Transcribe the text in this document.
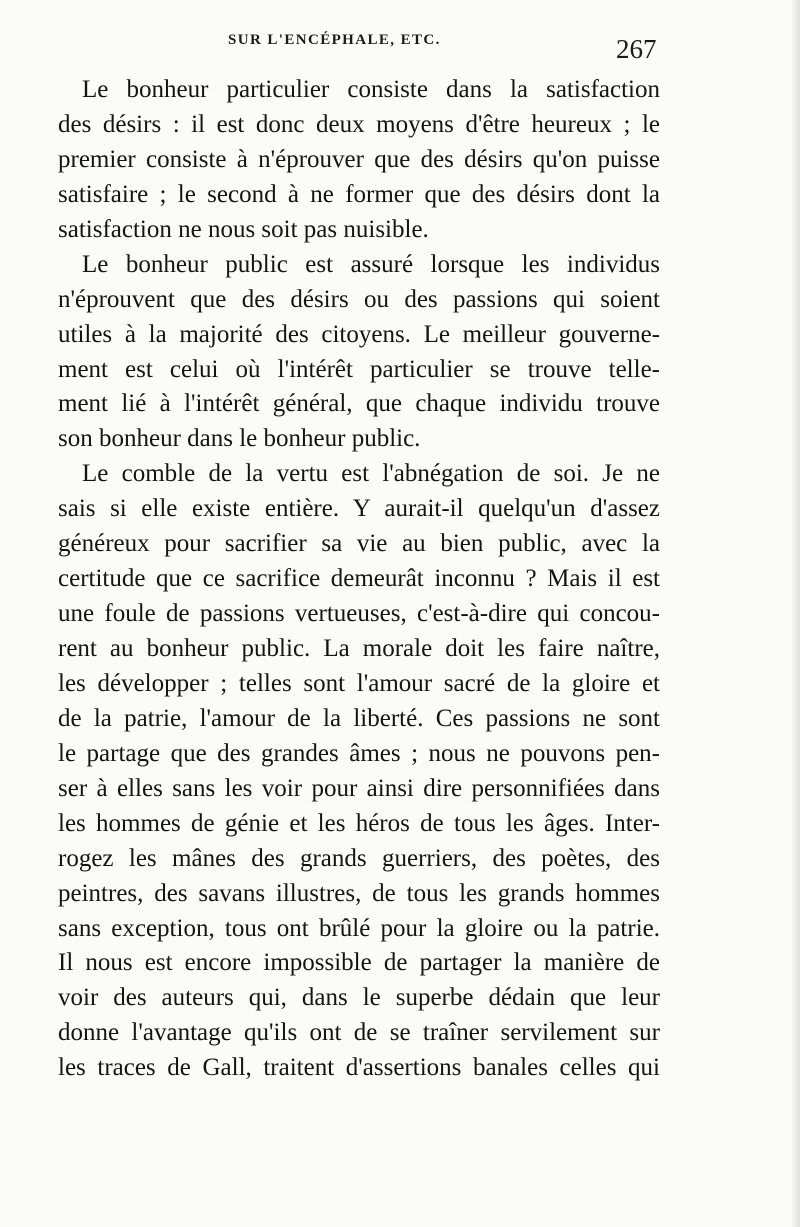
SUR L'ENCÉPHALE, ETC.	267
Le bonheur particulier consiste dans la satisfaction
des désirs : il est donc deux moyens d'être heureux ; le
premier consiste à n'éprouver que des désirs qu'on puisse
satisfaire ; le second à ne former que des désirs dont la
satisfaction ne nous soit pas nuisible.
Le bonheur public est assuré lorsque les individus
n'éprouvent que des désirs ou des passions qui soient
utiles à la majorité des citoyens. Le meilleur gouverne-
ment est celui où l'intérêt particulier se trouve telle-
ment lié à l'intérêt général, que chaque individu trouve
son bonheur dans le bonheur public.
Le comble de la vertu est l'abnégation de soi. Je ne
sais si elle existe entière. Y aurait-il quelqu'un d'assez
généreux pour sacrifier sa vie au bien public, avec la
certitude que ce sacrifice demeurât inconnu ? Mais il est
une foule de passions vertueuses, c'est-à-dire qui concou-
rent au bonheur public. La morale doit les faire naître,
les développer ; telles sont l'amour sacré de la gloire et
de la patrie, l'amour de la liberté. Ces passions ne sont
le partage que des grandes âmes ; nous ne pouvons pen-
ser à elles sans les voir pour ainsi dire personnifiées dans
les hommes de génie et les héros de tous les âges. Inter-
rogez les mânes des grands guerriers, des poètes, des
peintres, des savans illustres, de tous les grands hommes
sans exception, tous ont brûlé pour la gloire ou la patrie.
Il nous est encore impossible de partager la manière de
voir des auteurs qui, dans le superbe dédain que leur
donne l'avantage qu'ils ont de se traîner servilement sur
les traces de Gall, traitent d'assertions banales celles qui
